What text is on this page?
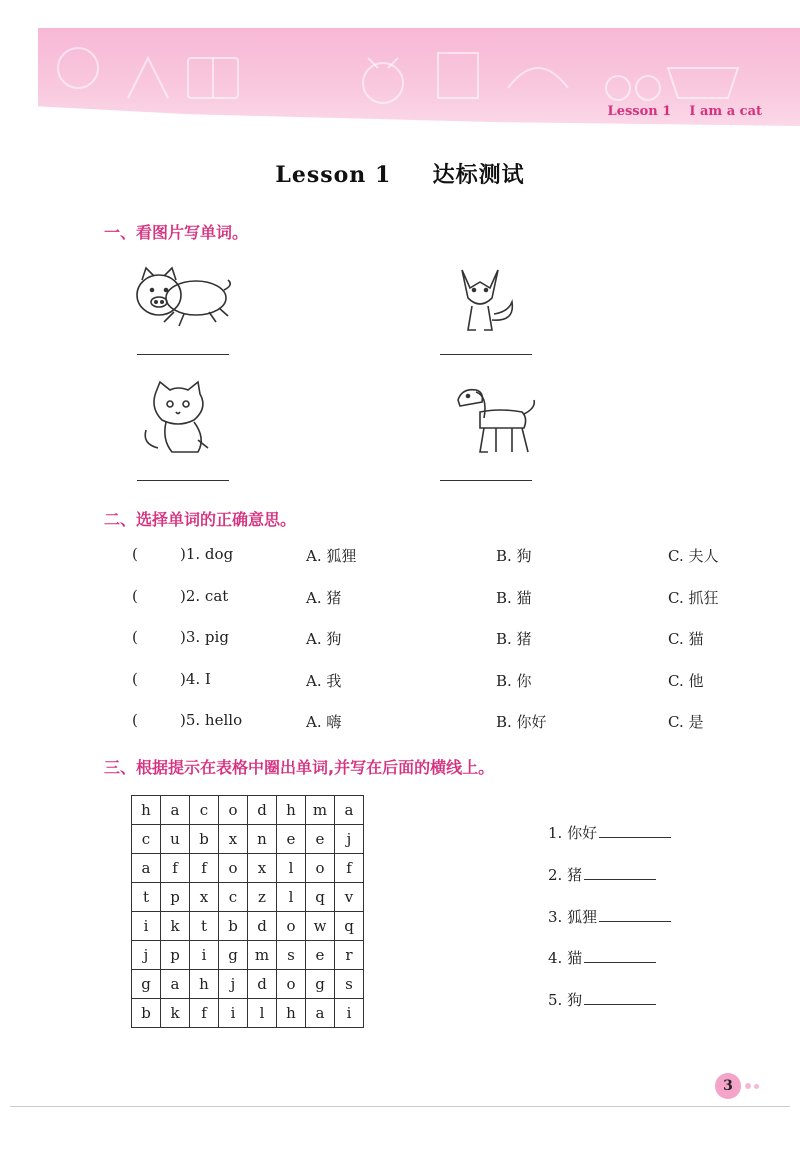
Lesson 1    I am a cat
Lesson 1 达标测试
一、看图片写单词。
二、选择单词的正确意思。
(	)1. dog	A. 狐狸	B. 狗	C. 夫人
(	)2. cat	A. 猪	B. 猫	C. 抓狂
(	)3. pig	A. 狗	B. 猪	C. 猫
(	)4. I	A. 我	B. 你	C. 他
(	)5. hello	A. 嗨	B. 你好	C. 是
三、根据提示在表格中圈出单词,并写在后面的横线上。
h	a	c	o	d	h	m	a
c	u	b	x	n	e	e	j
a	f	f	o	x	l	o	f
t	p	x	c	z	l	q	v
i	k	t	b	d	o	w	q
j	p	i	g	m	s	e	r
g	a	h	j	d	o	g	s
b	k	f	i	l	h	a	i
1. 你好
2. 猪
3. 狐狸
4. 猫
5. 狗
3
